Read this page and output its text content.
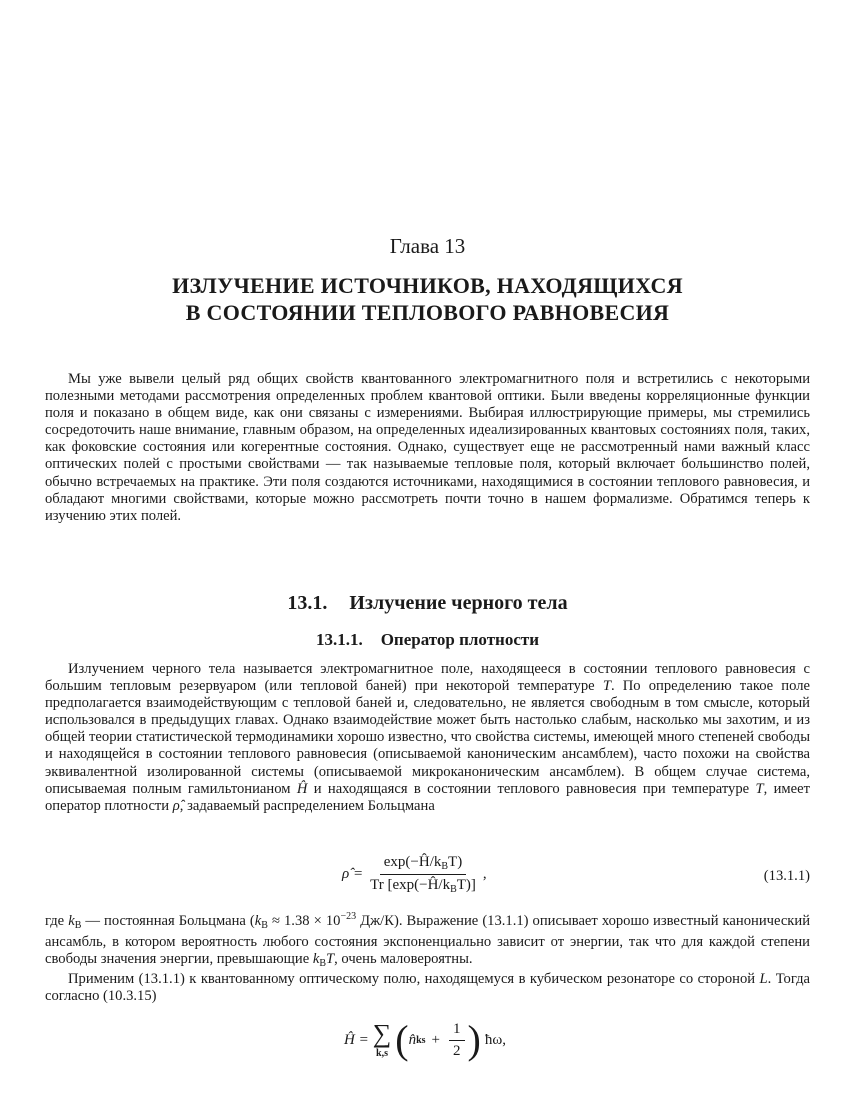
Глава 13
ИЗЛУЧЕНИЕ ИСТОЧНИКОВ, НАХОДЯЩИХСЯ
В СОСТОЯНИИ ТЕПЛОВОГО РАВНОВЕСИЯ
Мы уже вывели целый ряд общих свойств квантованного электромагнитного поля и встретились с некоторыми полезными методами рассмотрения определенных проблем квантовой оптики. Были введены корреляционные функции поля и показано в общем виде, как они связаны с измерениями. Выбирая иллюстрирующие примеры, мы стремились сосредоточить наше внимание, главным образом, на определенных идеализированных квантовых состояниях поля, таких, как фоковские состояния или когерентные состояния. Однако, существует еще не рассмотренный нами важный класс оптических полей с простыми свойствами — так называемые тепловые поля, который включает большинство полей, обычно встречаемых на практике. Эти поля создаются источниками, находящимися в состоянии теплового равновесия, и обладают многими свойствами, которые можно рассмотреть почти точно в нашем формализме. Обратимся теперь к изучению этих полей.
13.1. Излучение черного тела
13.1.1. Оператор плотности
Излучением черного тела называется электромагнитное поле, находящееся в состоянии теплового равновесия с большим тепловым резервуаром (или тепловой баней) при некоторой температуре T. По определению такое поле предполагается взаимодействующим с тепловой баней и, следовательно, не является свободным в том смысле, который использовался в предыдущих главах. Однако взаимодействие может быть настолько слабым, насколько мы захотим, и из общей теории статистической термодинамики хорошо известно, что свойства системы, имеющей много степеней свободы и находящейся в состоянии теплового равновесия (описываемой каноническим ансамблем), часто похожи на свойства эквивалентной изолированной системы (описываемой микроканоническим ансамблем). В общем случае система, описываемая полным гамильтонианом Ĥ и находящаяся в состоянии теплового равновесия при температуре T, имеет оператор плотности ρ̂, задаваемый распределением Больцмана
ρ̂ = $\frac{\exp(-Ĥ/k_BT)}{Tr [\exp(-Ĥ/k_BT)]}$ ,	(13.1.1)
где $k_B$ — постоянная Больцмана ($k_B \approx 1.38 \times 10^{-23}$ Дж/К). Выражение (13.1.1) описывает хорошо известный канонический ансамбль, в котором вероятность любого состояния экспоненциально зависит от энергии, так что для каждой степени свободы значения энергии, превышающие $k_BT$, очень маловероятны.
Применим (13.1.1) к квантованному оптическому полю, находящемуся в кубическом резонаторе со стороной L. Тогда согласно (10.3.15)
Ĥ = ∑
k,s ( n̂ ks + $\frac{1}{2}$ ) ħω,
